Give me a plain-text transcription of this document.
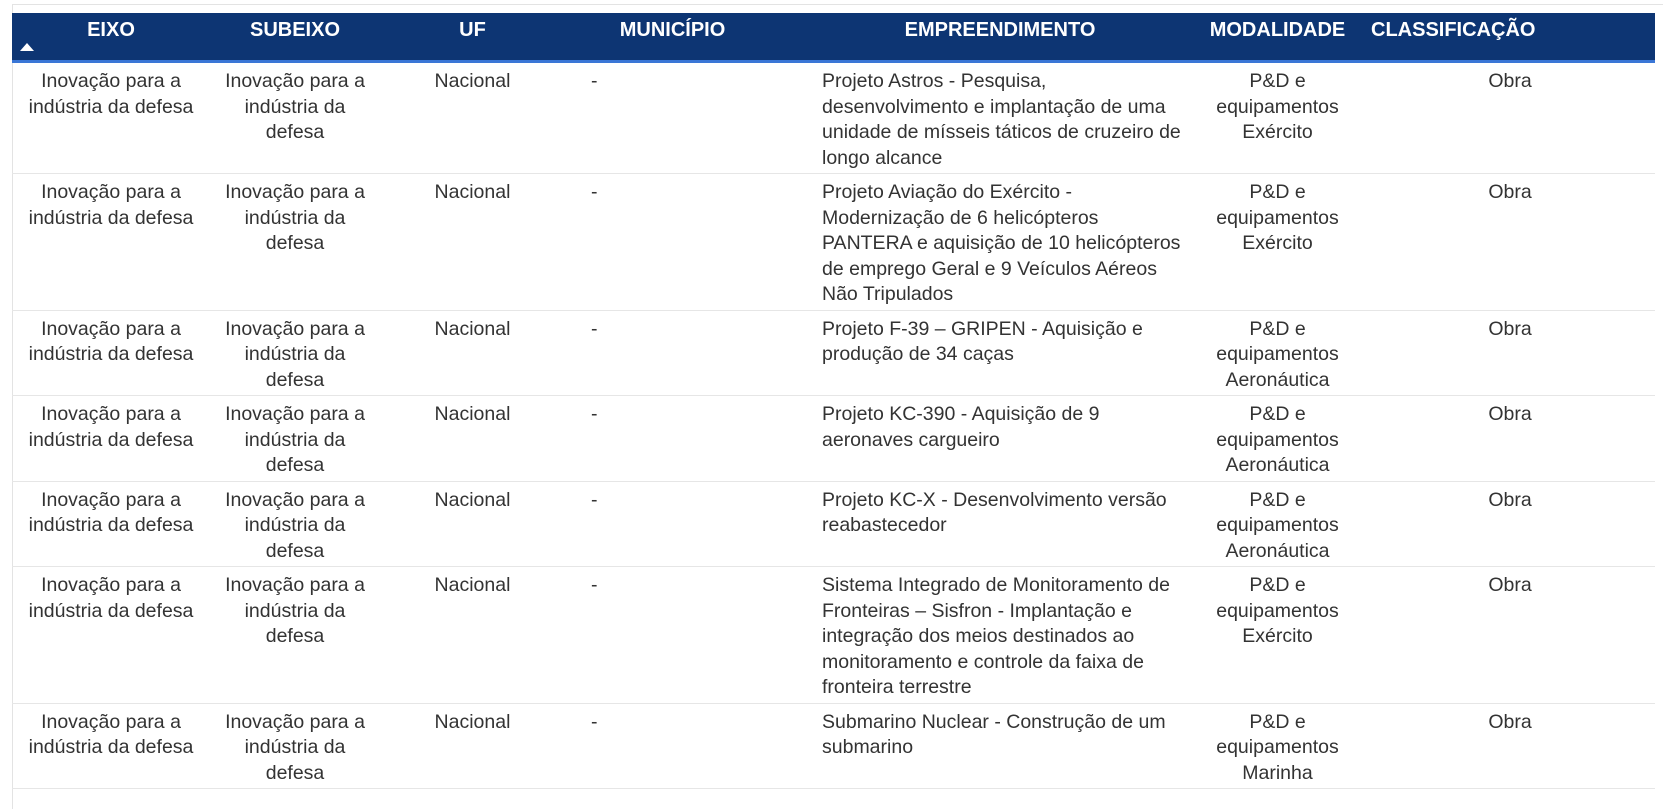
EIXO	SUBEIXO	UF	MUNICÍPIO	EMPREENDIMENTO	MODALIDADE	CLASSIFICAÇÃO

Inovação para a indústria da defesa	Inovação para a indústria da defesa	Nacional	-	Projeto Astros - Pesquisa, desenvolvimento e implantação de uma unidade de mísseis táticos de cruzeiro de longo alcance	P&D e equipamentos Exército	Obra
Inovação para a indústria da defesa	Inovação para a indústria da defesa	Nacional	-	Projeto Aviação do Exército - Modernização de 6 helicópteros PANTERA e aquisição de 10 helicópteros de emprego Geral e 9 Veículos Aéreos Não Tripulados	P&D e equipamentos Exército	Obra
Inovação para a indústria da defesa	Inovação para a indústria da defesa	Nacional	-	Projeto F-39 – GRIPEN - Aquisição e produção de 34 caças	P&D e equipamentos Aeronáutica	Obra
Inovação para a indústria da defesa	Inovação para a indústria da defesa	Nacional	-	Projeto KC-390 - Aquisição de 9 aeronaves cargueiro	P&D e equipamentos Aeronáutica	Obra
Inovação para a indústria da defesa	Inovação para a indústria da defesa	Nacional	-	Projeto KC-X - Desenvolvimento versão reabastecedor	P&D e equipamentos Aeronáutica	Obra
Inovação para a indústria da defesa	Inovação para a indústria da defesa	Nacional	-	Sistema Integrado de Monitoramento de Fronteiras – Sisfron - Implantação e integração dos meios destinados ao monitoramento e controle da faixa de fronteira terrestre	P&D e equipamentos Exército	Obra
Inovação para a indústria da defesa	Inovação para a indústria da defesa	Nacional	-	Submarino Nuclear - Construção de um submarino	P&D e equipamentos Marinha	Obra
